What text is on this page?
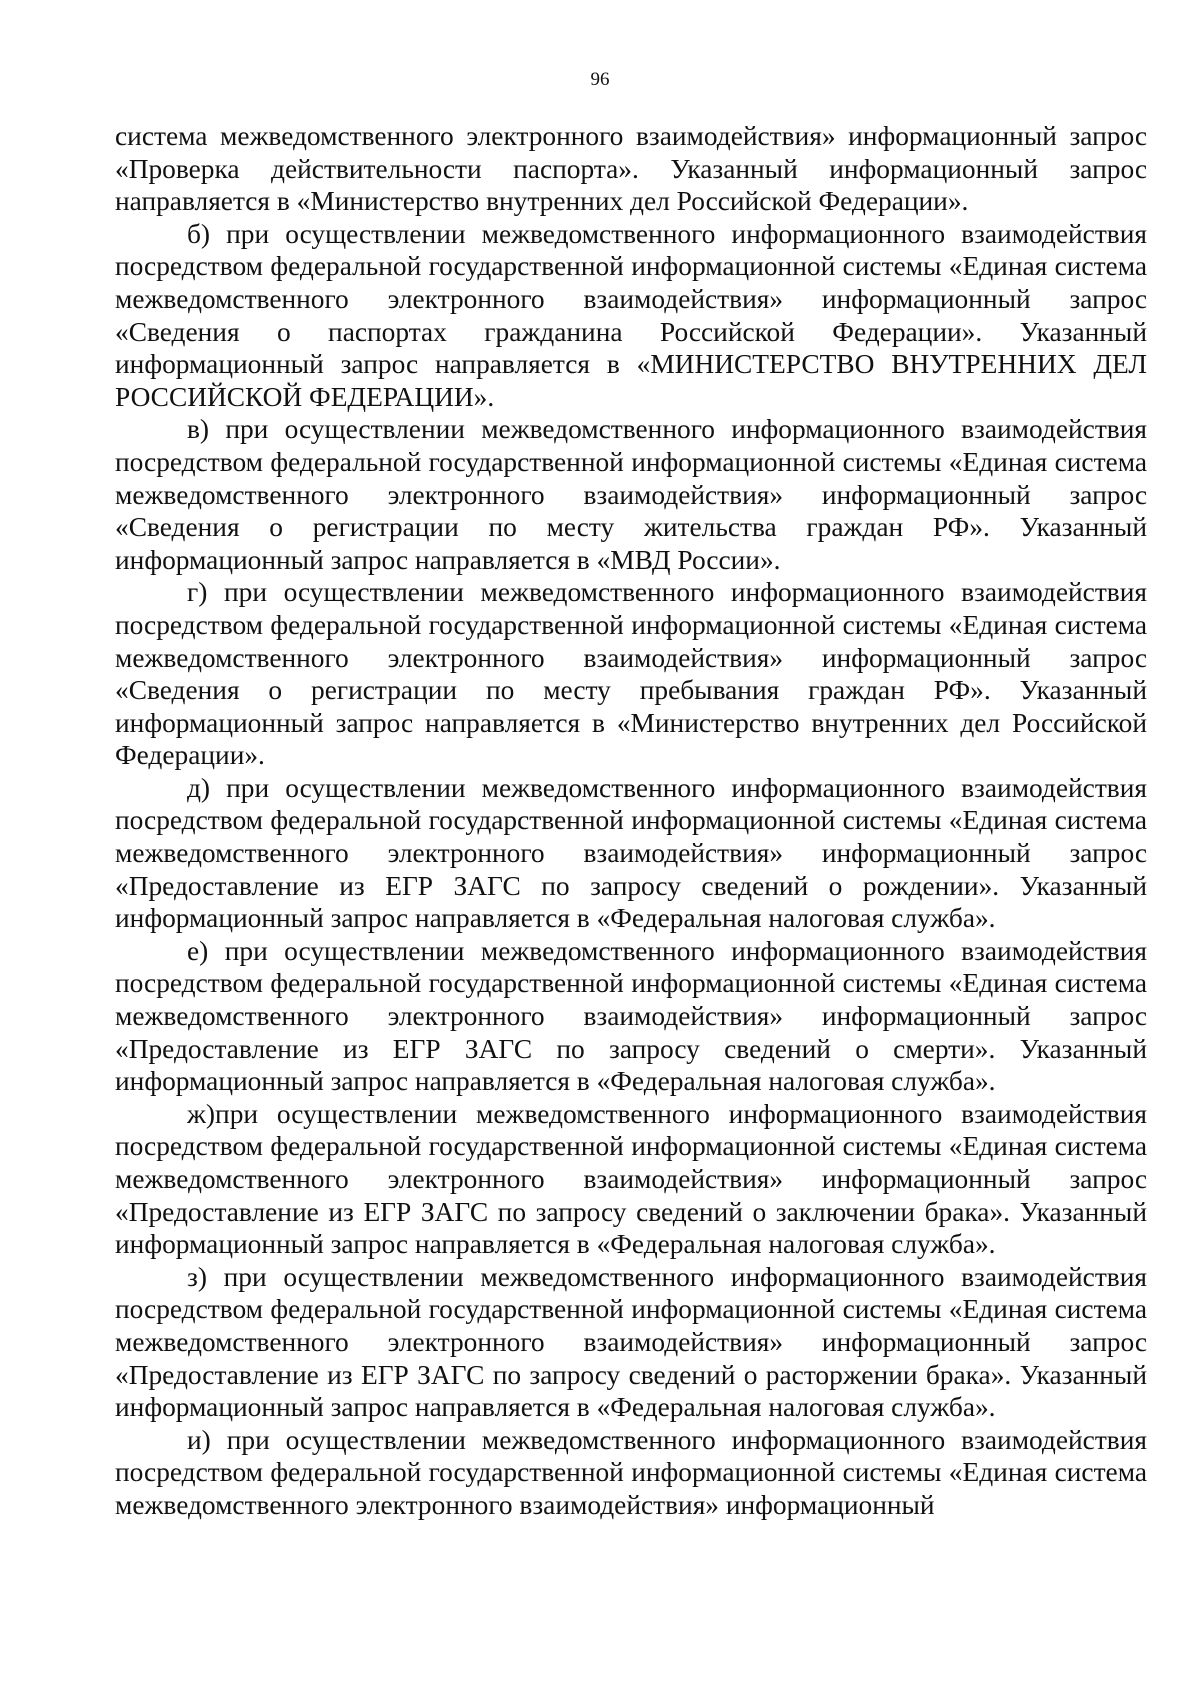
96

система межведомственного электронного взаимодействия» информационный запрос «Проверка действительности паспорта». Указанный информационный запрос направляется в «Министерство внутренних дел Российской Федерации».

б) при осуществлении межведомственного информационного взаимодействия посредством федеральной государственной информационной системы «Единая система межведомственного электронного взаимодействия» информационный запрос «Сведения о паспортах гражданина Российской Федерации». Указанный информационный запрос направляется в «МИНИСТЕРСТВО ВНУТРЕННИХ ДЕЛ РОССИЙСКОЙ ФЕДЕРАЦИИ».

в) при осуществлении межведомственного информационного взаимодействия посредством федеральной государственной информационной системы «Единая система межведомственного электронного взаимодействия» информационный запрос «Сведения о регистрации по месту жительства граждан РФ». Указанный информационный запрос направляется в «МВД России».

г) при осуществлении межведомственного информационного взаимодействия посредством федеральной государственной информационной системы «Единая система межведомственного электронного взаимодействия» информационный запрос «Сведения о регистрации по месту пребывания граждан РФ». Указанный информационный запрос направляется в «Министерство внутренних дел Российской Федерации».

д) при осуществлении межведомственного информационного взаимодействия посредством федеральной государственной информационной системы «Единая система межведомственного электронного взаимодействия» информационный запрос «Предоставление из ЕГР ЗАГС по запросу сведений о рождении». Указанный информационный запрос направляется в «Федеральная налоговая служба».

е) при осуществлении межведомственного информационного взаимодействия посредством федеральной государственной информационной системы «Единая система межведомственного электронного взаимодействия» информационный запрос «Предоставление из ЕГР ЗАГС по запросу сведений о смерти». Указанный информационный запрос направляется в «Федеральная налоговая служба».

ж)при осуществлении межведомственного информационного взаимодействия посредством федеральной государственной информационной системы «Единая система межведомственного электронного взаимодействия» информационный запрос «Предоставление из ЕГР ЗАГС по запросу сведений о заключении брака». Указанный информационный запрос направляется в «Федеральная налоговая служба».

з) при осуществлении межведомственного информационного взаимодействия посредством федеральной государственной информационной системы «Единая система межведомственного электронного взаимодействия» информационный запрос «Предоставление из ЕГР ЗАГС по запросу сведений о расторжении брака». Указанный информационный запрос направляется в «Федеральная налоговая служба».

и) при осуществлении межведомственного информационного взаимодействия посредством федеральной государственной информационной системы «Единая система межведомственного электронного взаимодействия» информационный
